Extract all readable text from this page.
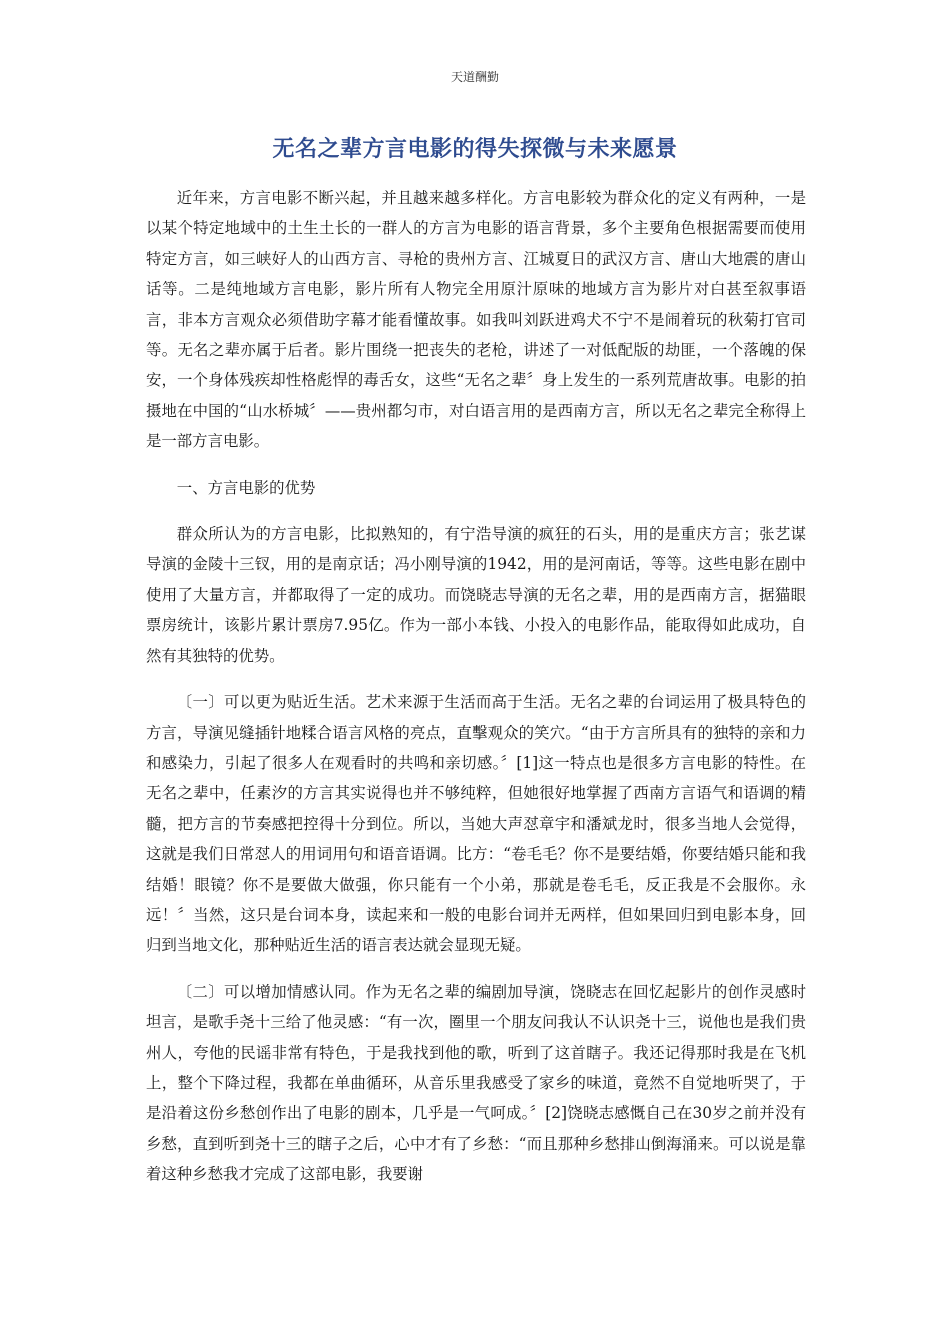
天道酬勤
无名之辈方言电影的得失探微与未来愿景

近年来，方言电影不断兴起，并且越来越多样化。方言电影较为群众化的定义有两种，一是以某个特定地域中的土生土长的一群人的方言为电影的语言背景，多个主要角色根据需要而使用特定方言，如三峡好人的山西方言、寻枪的贵州方言、江城夏日的武汉方言、唐山大地震的唐山话等。二是纯地域方言电影，影片所有人物完全用原汁原味的地域方言为影片对白甚至叙事语言，非本方言观众必须借助字幕才能看懂故事。如我叫刘跃进鸡犬不宁不是闹着玩的秋菊打官司等。无名之辈亦属于后者。影片围绕一把丧失的老枪，讲述了一对低配版的劫匪，一个落魄的保安，一个身体残疾却性格彪悍的毒舌女，这些“无名之辈〞身上发生的一系列荒唐故事。电影的拍摄地在中国的“山水桥城〞——贵州都匀市，对白语言用的是西南方言，所以无名之辈完全称得上是一部方言电影。

一、方言电影的优势

群众所认为的方言电影，比拟熟知的，有宁浩导演的疯狂的石头，用的是重庆方言；张艺谋导演的金陵十三钗，用的是南京话；冯小刚导演的1942，用的是河南话，等等。这些电影在剧中使用了大量方言，并都取得了一定的成功。而饶晓志导演的无名之辈，用的是西南方言，据猫眼票房统计，该影片累计票房7.95亿。作为一部小本钱、小投入的电影作品，能取得如此成功，自然有其独特的优势。

〔一〕可以更为贴近生活。艺术来源于生活而高于生活。无名之辈的台词运用了极具特色的方言，导演见缝插针地糅合语言风格的亮点，直擊观众的笑穴。“由于方言所具有的独特的亲和力和感染力，引起了很多人在观看时的共鸣和亲切感。〞[1]这一特点也是很多方言电影的特性。在无名之辈中，任素汐的方言其实说得也并不够纯粹，但她很好地掌握了西南方言语气和语调的精髓，把方言的节奏感把控得十分到位。所以，当她大声怼章宇和潘斌龙时，很多当地人会觉得，这就是我们日常怼人的用词用句和语音语调。比方：“卷毛毛？你不是要结婚，你要结婚只能和我结婚！眼镜？你不是要做大做强，你只能有一个小弟，那就是卷毛毛，反正我是不会服你。永远！〞当然，这只是台词本身，读起来和一般的电影台词并无两样，但如果回归到电影本身，回归到当地文化，那种贴近生活的语言表达就会显现无疑。

〔二〕可以增加情感认同。作为无名之辈的编剧加导演，饶晓志在回忆起影片的创作灵感时坦言，是歌手尧十三给了他灵感：“有一次，圈里一个朋友问我认不认识尧十三，说他也是我们贵州人，夸他的民谣非常有特色，于是我找到他的歌，听到了这首瞎子。我还记得那时我是在飞机上，整个下降过程，我都在单曲循环，从音乐里我感受了家乡的味道，竟然不自觉地听哭了，于是沿着这份乡愁创作出了电影的剧本，几乎是一气呵成。〞[2]饶晓志感慨自己在30岁之前并没有乡愁，直到听到尧十三的瞎子之后，心中才有了乡愁：“而且那种乡愁排山倒海涌来。可以说是靠着这种乡愁我才完成了这部电影，我要谢
